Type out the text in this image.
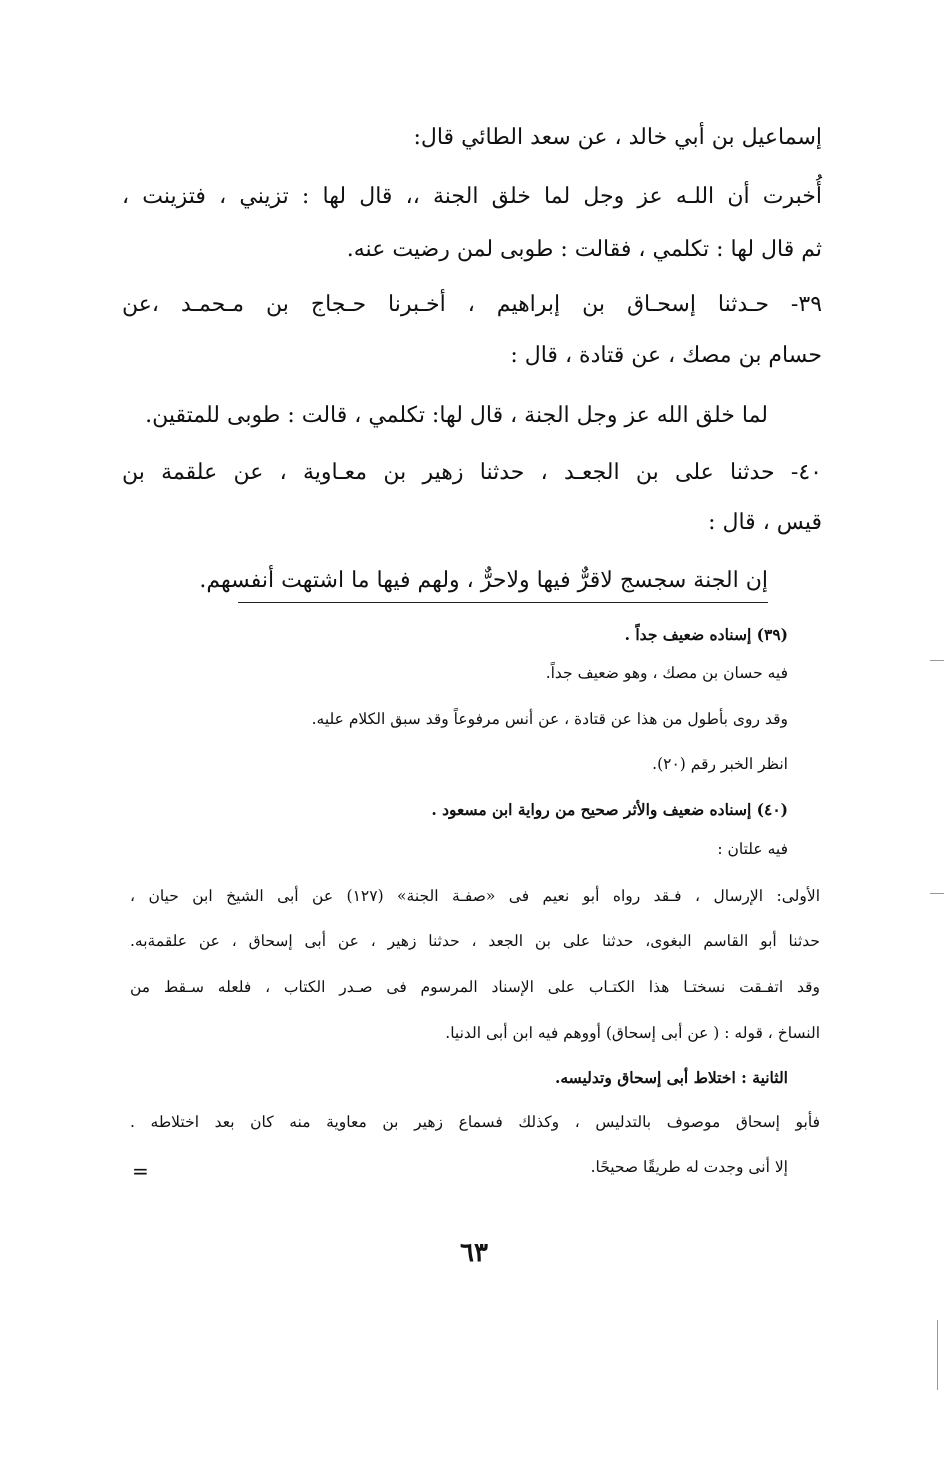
إسماعيل بن أبي خالد ، عن سعد الطائي قال:
أُخبرت أن اللـه عز وجل لما خلق الجنة ،، قال لها : تزيني ، فتزينت ،
ثم قال لها : تكلمي ، فقالت : طوبى لمن رضيت عنه.
٣٩- حـدثنا إسحـاق بن إبراهيم ، أخـبرنا حـجاج بن مـحمـد ،عن
حسام بن مصك ، عن قتادة ، قال :
لما خلق الله عز وجل الجنة ، قال لها: تكلمي ، قالت : طوبى للمتقين.
٤٠- حدثنا على بن الجعـد ، حدثنا زهير بن معـاوية ، عن علقمة بن
قيس ، قال :
إن الجنة سجسج لاقرٌّ فيها ولاحرٌّ ، ولهم فيها ما اشتهت أنفسهم.
(٣٩) إسناده ضعيف جداً .
فيه حسان بن مصك ، وهو ضعيف جداً.
وقد روى بأطول من هذا عن قتادة ، عن أنس مرفوعاً وقد سبق الكلام عليه.
انظر الخبر رقم (٢٠).
(٤٠) إسناده ضعيف والأثر صحيح من رواية ابن مسعود .
فيه علتان :
الأولى: الإرسال ، فـقد رواه أبو نعيم فى «صفـة الجنة» (١٢٧) عن أبى الشيخ ابن حيان ،
حدثنا أبو القاسم البغوى، حدثنا على بن الجعد ، حدثنا زهير ، عن أبى إسحاق ، عن علقمةبه.
وقد اتفـقت نسختـا هذا الكتـاب على الإسناد المرسوم فى صـدر الكتاب ، فلعله سـقط من
النساخ ، قوله : ( عن أبى إسحاق) أووهم فيه ابن أبى الدنيا.
الثانية : اختلاط أبى إسحاق وتدليسه.
فأبو إسحاق موصوف بالتدليس ، وكذلك فسماع زهير بن معاوية منه كان بعد اختلاطه .
إلا أنى وجدت له طريقًا صحيحًا.
=
٦٣
